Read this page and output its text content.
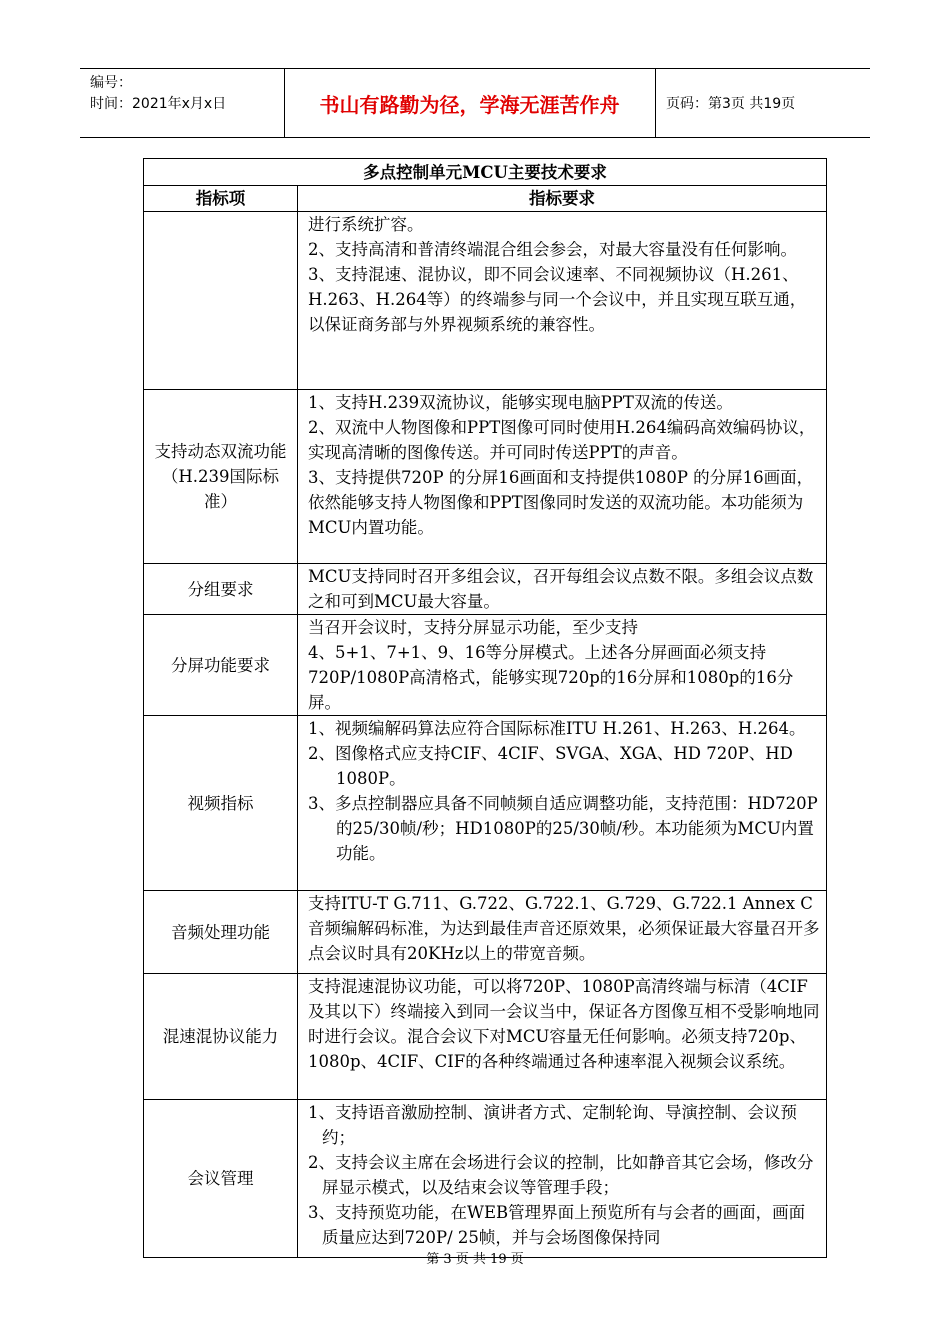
编号：
时间：2021年x月x日	书山有路勤为径，学海无涯苦作舟	页码：第3页 共19页
多点控制单元MCU主要技术要求	
指标项	指标要求

	进行系统扩容。

2、支持高清和普清终端混合组会参会，对最大容量没有任何影响。

3、支持混速、混协议，即不同会议速率、不同视频协议（H.261、H.263、H.264等）的终端参与同一个会议中，并且实现互联互通，以保证商务部与外界视频系统的兼容性。

支持动态双流功能（H.239国际标准）	1、支持H.239双流协议，能够实现电脑PPT双流的传送。

2、双流中人物图像和PPT图像可同时使用H.264编码高效编码协议，实现高清晰的图像传送。并可同时传送PPT的声音。

3、支持提供720P 的分屏16画面和支持提供1080P 的分屏16画面，依然能够支持人物图像和PPT图像同时发送的双流功能。本功能须为MCU内置功能。

分组要求	MCU支持同时召开多组会议，召开每组会议点数不限。多组会议点数之和可到MCU最大容量。

分屏功能要求	当召开会议时，支持分屏显示功能，至少支持

4、5+1、7+1、9、16等分屏模式。上述各分屏画面必须支持720P/1080P高清格式，能够实现720p的16分屏和1080p的16分屏。

视频指标	1、视频编解码算法应符合国际标准ITU H.261、H.263、H.264。

2、图像格式应支持CIF、4CIF、SVGA、XGA、HD 720P、HD 1080P。

3、多点控制器应具备不同帧频自适应调整功能，支持范围：HD720P的25/30帧/秒；HD1080P的25/30帧/秒。本功能须为MCU内置功能。

音频处理功能	支持ITU-T G.711、G.722、G.722.1、G.729、G.722.1 Annex C音频编解码标准，为达到最佳声音还原效果，必须保证最大容量召开多点会议时具有20KHz以上的带宽音频。

混速混协议能力	支持混速混协议功能，可以将720P、1080P高清终端与标清（4CIF及其以下）终端接入到同一会议当中，保证各方图像互相不受影响地同时进行会议。混合会议下对MCU容量无任何影响。必须支持720p、1080p、4CIF、CIF的各种终端通过各种速率混入视频会议系统。

会议管理	1、支持语音激励控制、演讲者方式、定制轮询、导演控制、会议预约；

2、支持会议主席在会场进行会议的控制，比如静音其它会场，修改分屏显示模式，以及结束会议等管理手段；

3、支持预览功能，在WEB管理界面上预览所有与会者的画面，画面质量应达到720P/ 25帧，并与会场图像保持同

第 3 页 共 19 页
